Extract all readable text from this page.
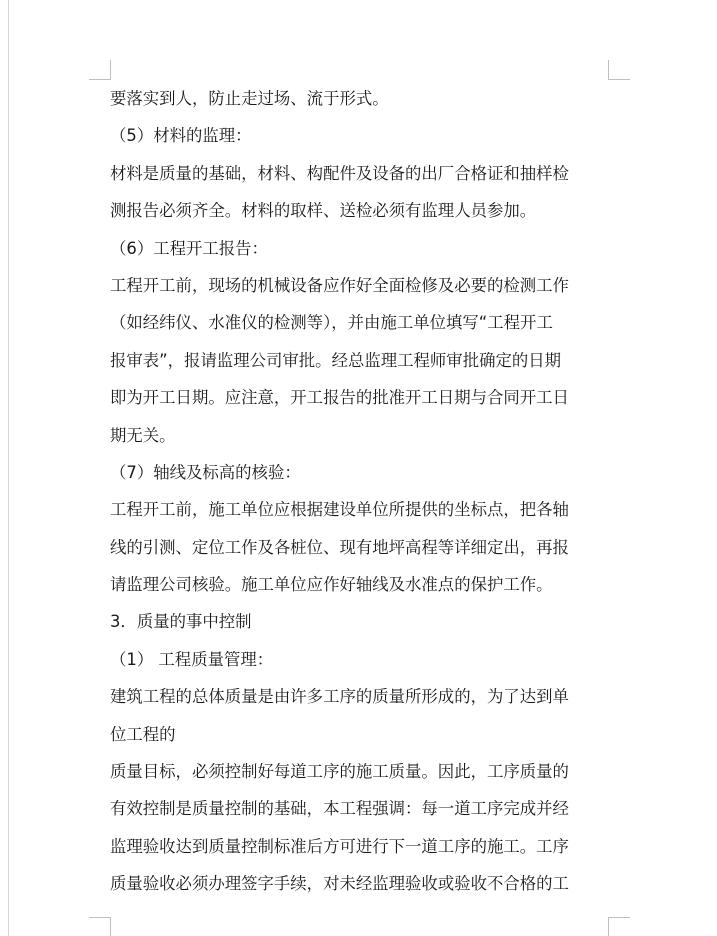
要落实到人，防止走过场、流于形式。
（5）材料的监理：
材料是质量的基础，材料、构配件及设备的出厂合格证和抽样检
测报告必须齐全。材料的取样、送检必须有监理人员参加。
（6）工程开工报告：
工程开工前，现场的机械设备应作好全面检修及必要的检测工作
（如经纬仪、水准仪的检测等），并由施工单位填写“工程开工
报审表”，报请监理公司审批。经总监理工程师审批确定的日期
即为开工日期。应注意，开工报告的批准开工日期与合同开工日
期无关。
（7）轴线及标高的核验：
工程开工前，施工单位应根据建设单位所提供的坐标点，把各轴
线的引测、定位工作及各桩位、现有地坪高程等详细定出，再报
请监理公司核验。施工单位应作好轴线及水准点的保护工作。
3．质量的事中控制
（1） 工程质量管理：
建筑工程的总体质量是由许多工序的质量所形成的，为了达到单
位工程的
质量目标，必须控制好每道工序的施工质量。因此，工序质量的
有效控制是质量控制的基础，本工程强调：每一道工序完成并经
监理验收达到质量控制标准后方可进行下一道工序的施工。工序
质量验收必须办理签字手续，对未经监理验收或验收不合格的工
